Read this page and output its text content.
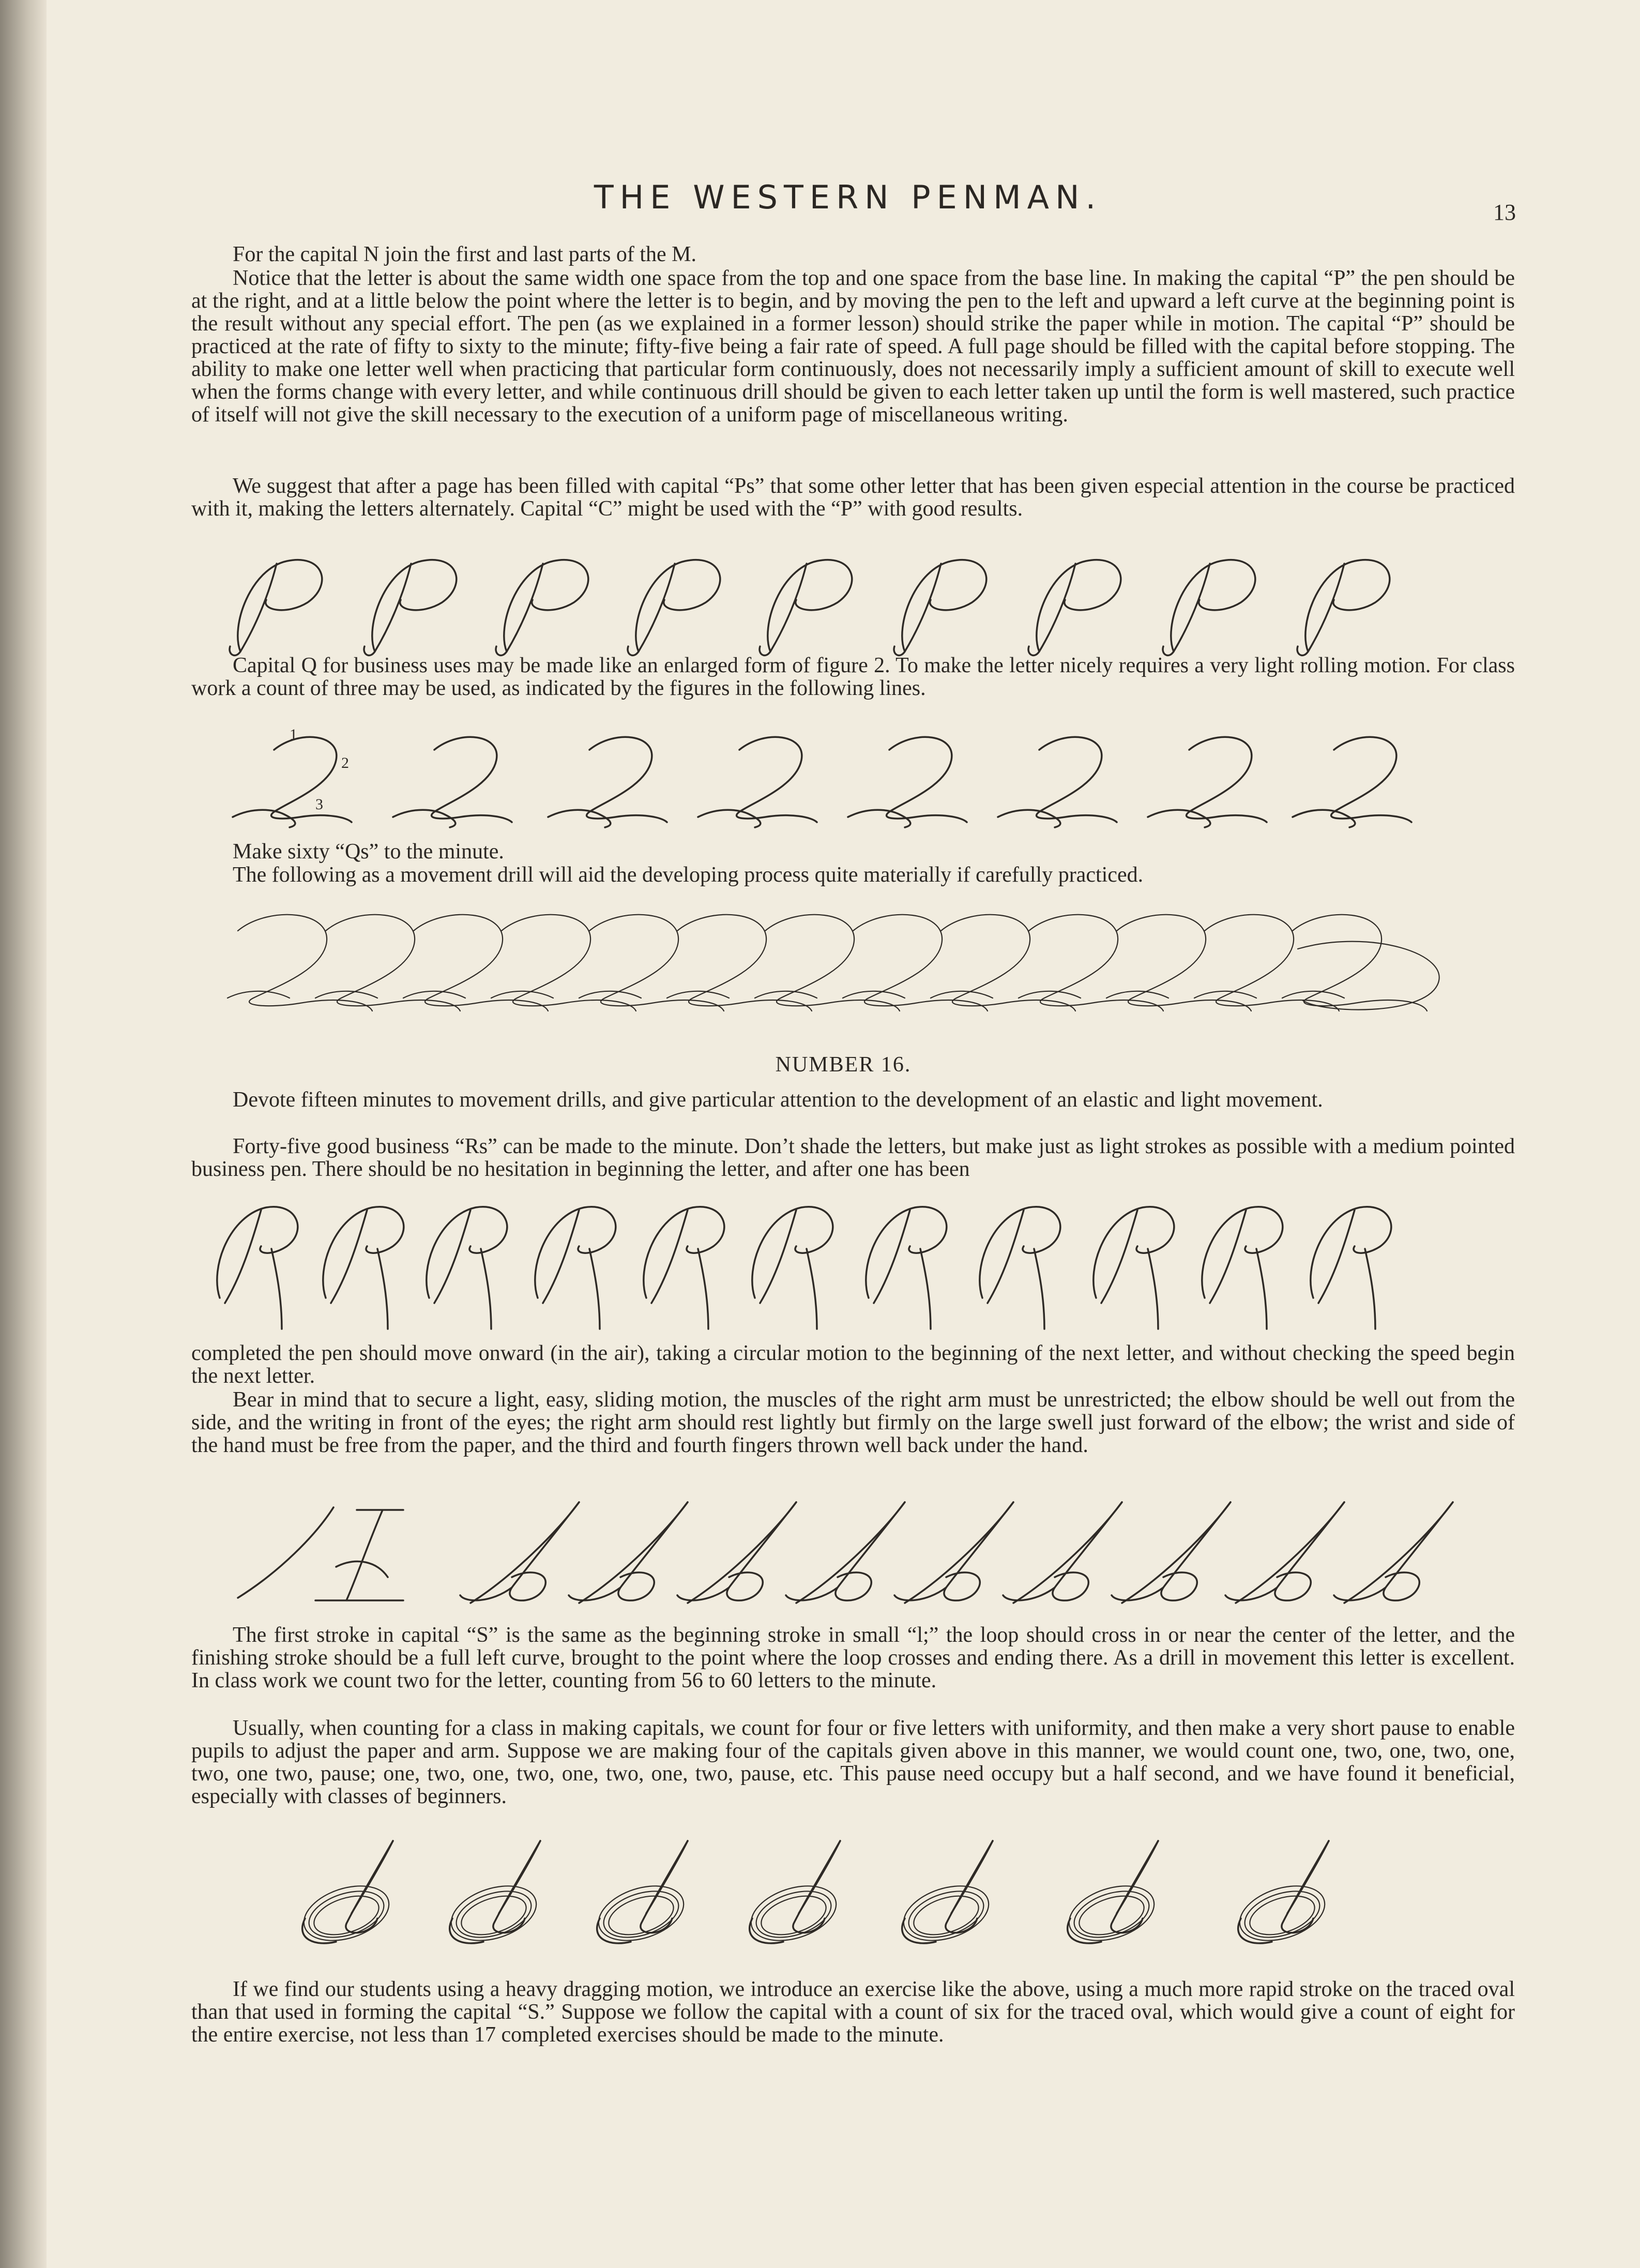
THE WESTERN PENMAN.	13

For the capital N join the first and last parts of the M.

Notice that the letter is about the same width one space from the top and one space from the base line. In making the capital “P” the pen should be at the right, and at a little below the point where the letter is to begin, and by moving the pen to the left and upward a left curve at the beginning point is the result without any special effort. The pen (as we explained in a former lesson) should strike the paper while in motion. The capital “P” should be practiced at the rate of fifty to sixty to the minute; fifty-five being a fair rate of speed. A full page should be filled with the capital before stopping. The ability to make one letter well when practicing that particular form continuously, does not necessarily imply a sufficient amount of skill to execute well when the forms change with every letter, and while continuous drill should be given to each letter taken up until the form is well mastered, such practice of itself will not give the skill necessary to the execution of a uniform page of miscellaneous writing.

We suggest that after a page has been filled with capital “Ps” that some other letter that has been given especial attention in the course be practiced with it, making the letters alternately. Capital “C” might be used with the “P” with good results.

Capital Q for business uses may be made like an enlarged form of figure 2. To make the letter nicely requires a very light rolling motion. For class work a count of three may be used, as indicated by the figures in the following lines.

1
2
3

Make sixty “Qs” to the minute.

The following as a movement drill will aid the developing process quite materially if carefully practiced.

NUMBER 16.

Devote fifteen minutes to movement drills, and give particular attention to the development of an elastic and light movement.

Forty-five good business “Rs” can be made to the minute. Don’t shade the letters, but make just as light strokes as possible with a medium pointed business pen. There should be no hesitation in beginning the letter, and after one has been

completed the pen should move onward (in the air), taking a circular motion to the beginning of the next letter, and without checking the speed begin the next letter.

Bear in mind that to secure a light, easy, sliding motion, the muscles of the right arm must be unrestricted; the elbow should be well out from the side, and the writing in front of the eyes; the right arm should rest lightly but firmly on the large swell just forward of the elbow; the wrist and side of the hand must be free from the paper, and the third and fourth fingers thrown well back under the hand.

The first stroke in capital “S” is the same as the beginning stroke in small “l;” the loop should cross in or near the center of the letter, and the finishing stroke should be a full left curve, brought to the point where the loop crosses and ending there. As a drill in movement this letter is excellent. In class work we count two for the letter, counting from 56 to 60 letters to the minute.

Usually, when counting for a class in making capitals, we count for four or five letters with uniformity, and then make a very short pause to enable pupils to adjust the paper and arm. Suppose we are making four of the capitals given above in this manner, we would count one, two, one, two, one, two, one two, pause; one, two, one, two, one, two, one, two, pause, etc. This pause need occupy but a half second, and we have found it beneficial, especially with classes of beginners.

If we find our students using a heavy dragging motion, we introduce an exercise like the above, using a much more rapid stroke on the traced oval than that used in forming the capital “S.” Suppose we follow the capital with a count of six for the traced oval, which would give a count of eight for the entire exercise, not less than 17 completed exercises should be made to the minute.
